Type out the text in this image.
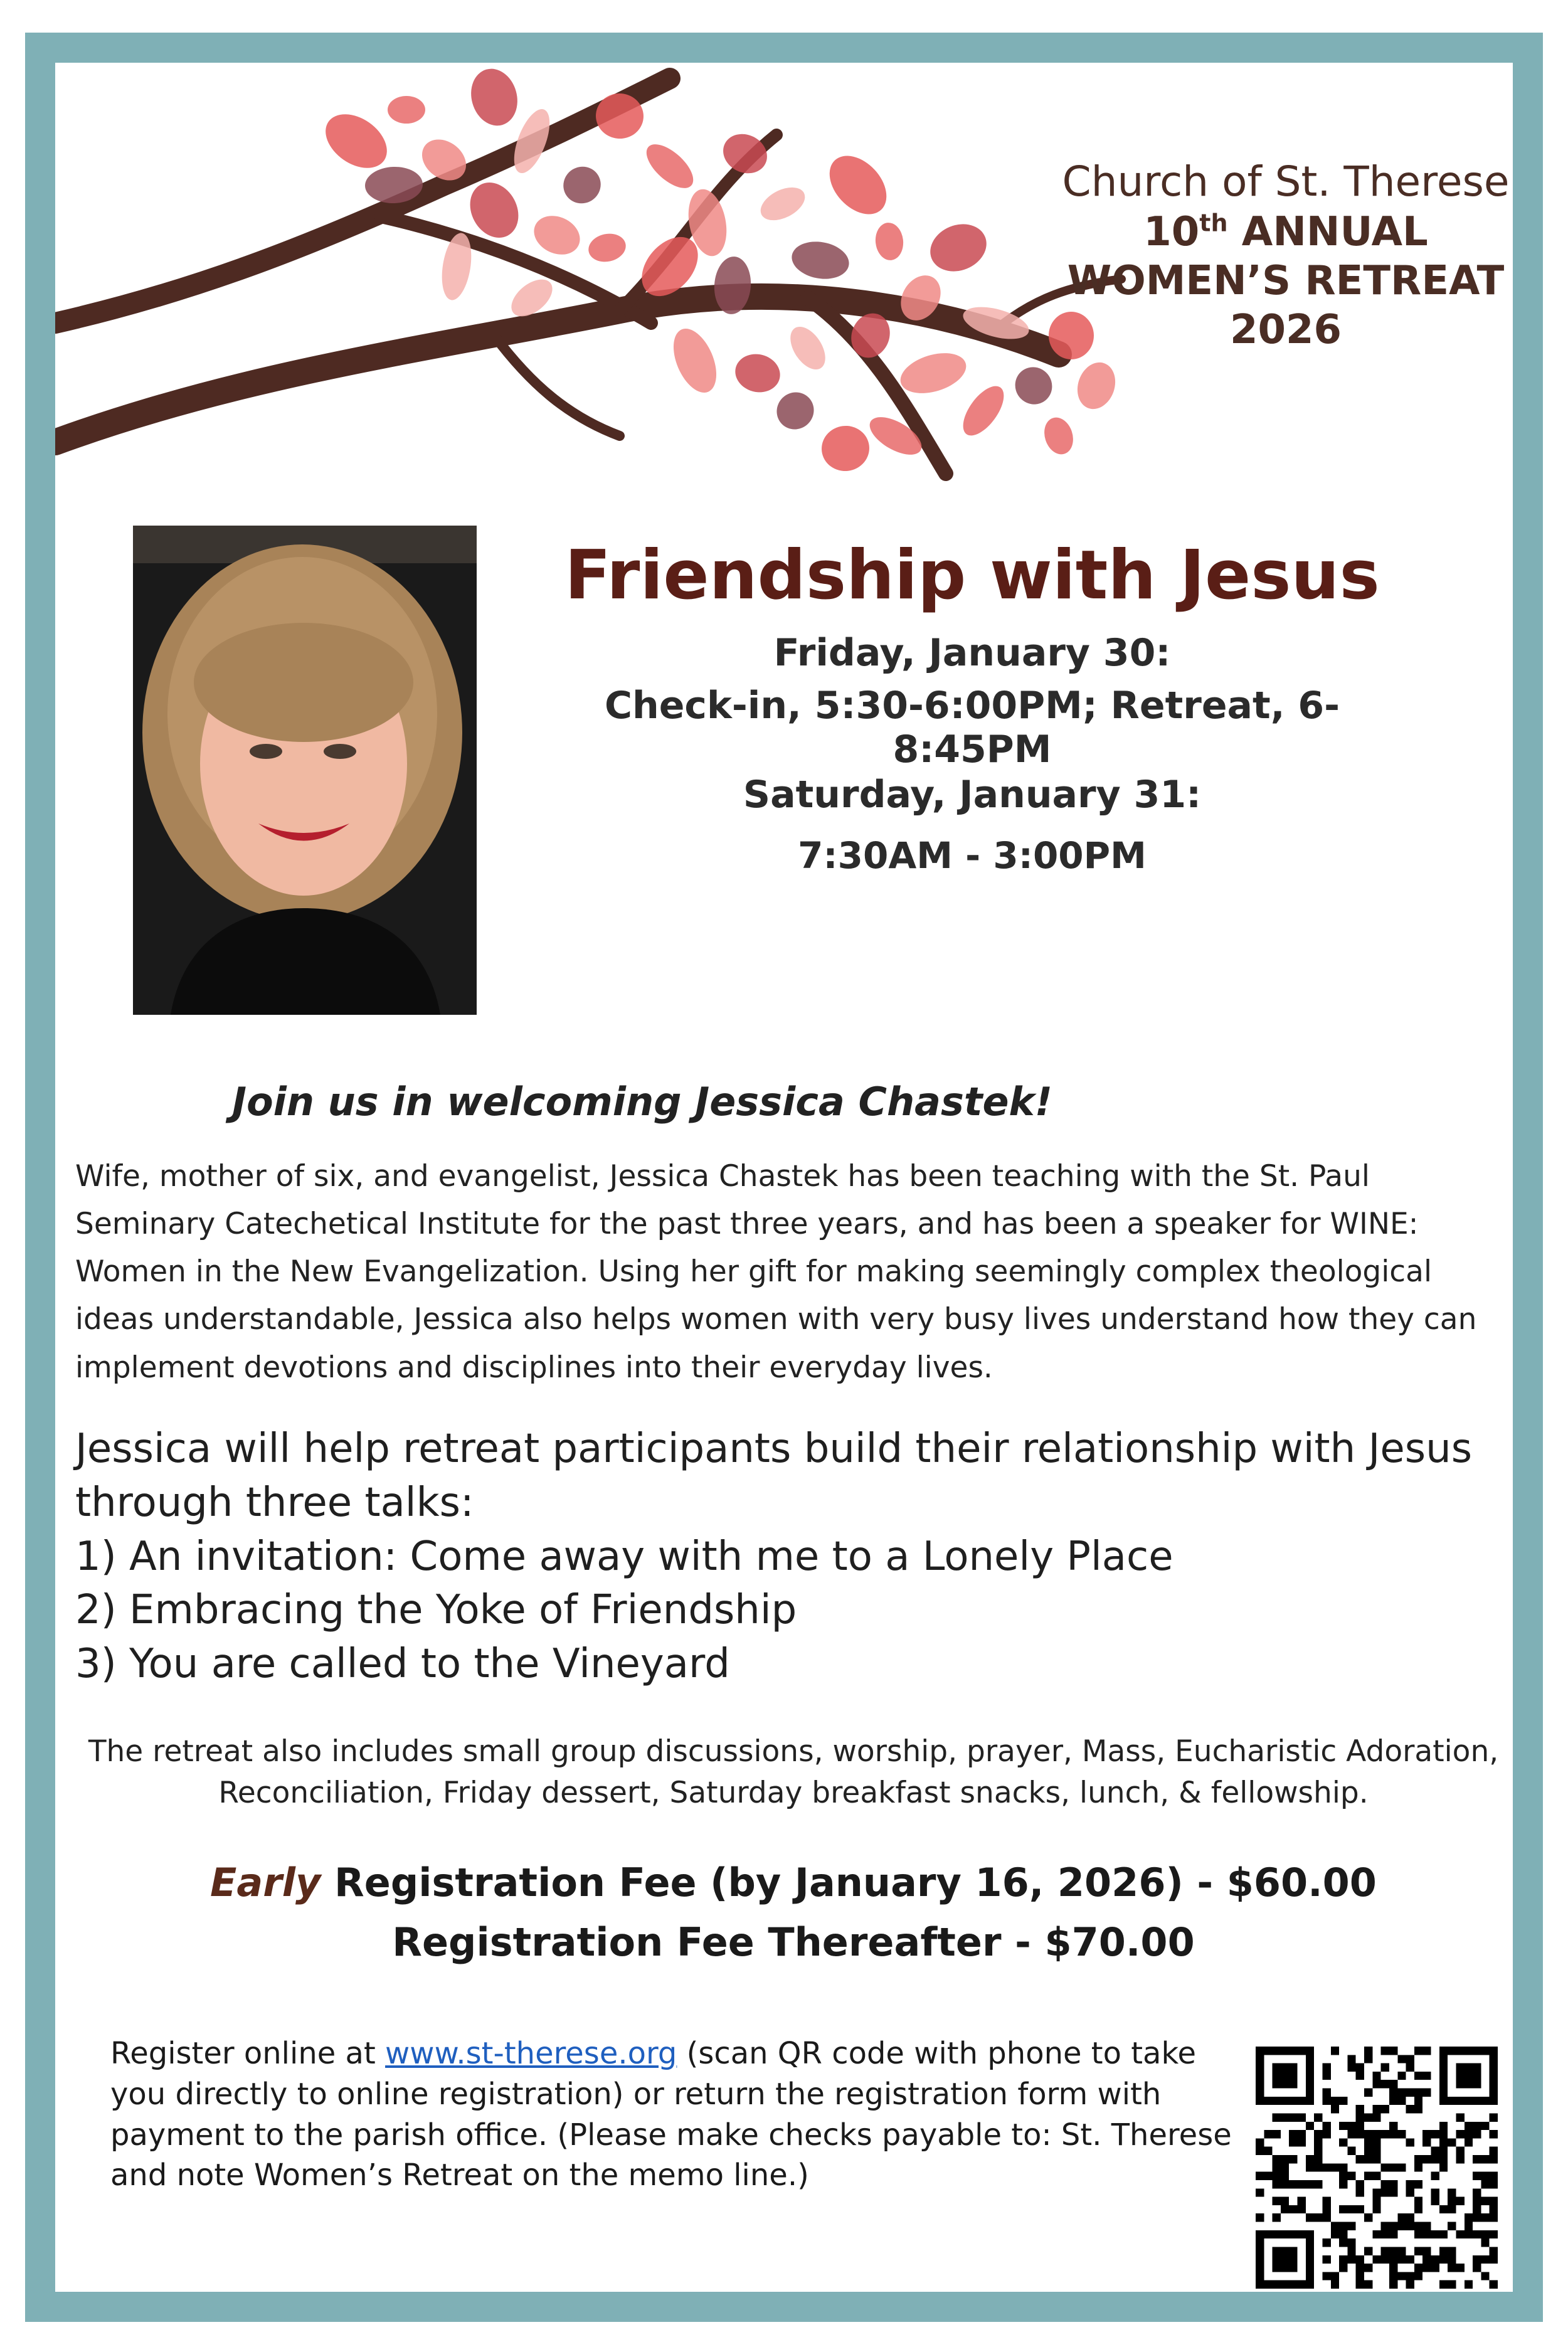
Church of St. Therese
10th ANNUAL
WOMEN’S RETREAT
2026
Friendship with Jesus
Friday, January 30:
Check-in, 5:30-6:00PM; Retreat, 6-8:45PM
Saturday, January 31:
7:30AM - 3:00PM
Join us in welcoming Jessica Chastek!
Wife, mother of six, and evangelist, Jessica Chastek has been teaching with the St. Paul Seminary Catechetical Institute for the past three years, and has been a speaker for WINE: Women in the New Evangelization. Using her gift for making seemingly complex theological ideas understandable, Jessica also helps women with very busy lives understand how they can implement devotions and disciplines into their everyday lives.
Jessica will help retreat participants build their relationship with Jesus through three talks:
1) An invitation: Come away with me to a Lonely Place
2) Embracing the Yoke of Friendship
3) You are called to the Vineyard
The retreat also includes small group discussions, worship, prayer, Mass, Eucharistic Adoration, Reconciliation, Friday dessert, Saturday breakfast snacks, lunch, & fellowship.
Early Registration Fee (by January 16, 2026) - $60.00
Registration Fee Thereafter - $70.00
Register online at www.st-therese.org (scan QR code with phone to take you directly to online registration) or return the registration form with payment to the parish office. (Please make checks payable to: St. Therese and note Women’s Retreat on the memo line.)
